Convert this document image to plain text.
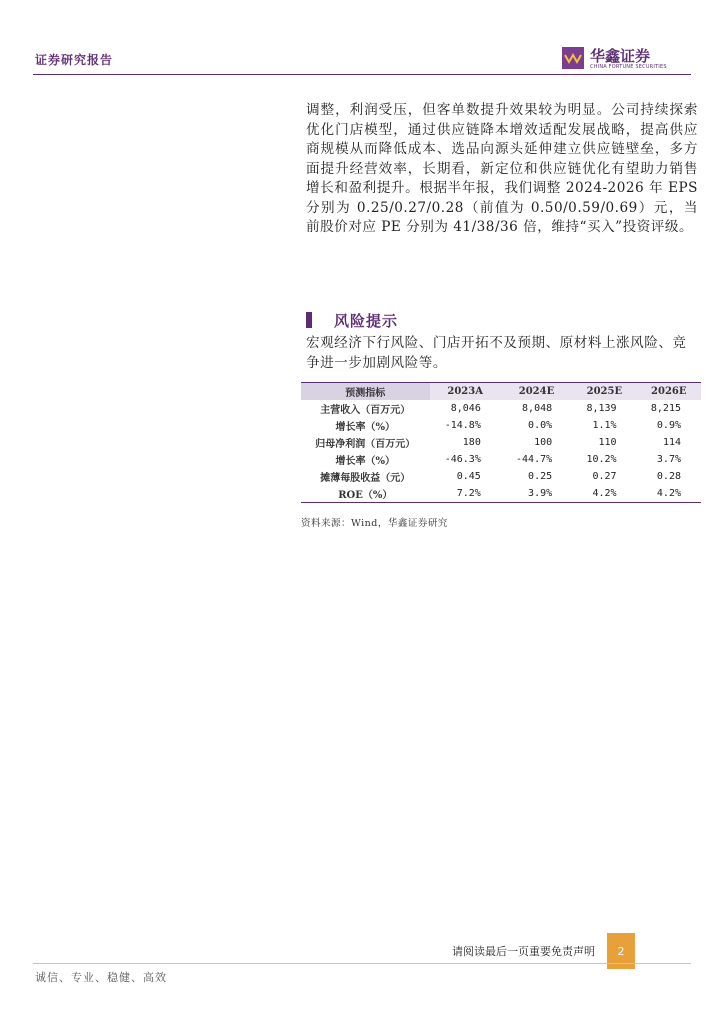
证券研究报告	华鑫证券
CHINA FORTUNE SECURITIES

调整，利润受压，但客单数提升效果较为明显。公司持续探索优化门店模型，通过供应链降本增效适配发展战略，提高供应商规模从而降低成本、选品向源头延伸建立供应链壁垒，多方面提升经营效率，长期看，新定位和供应链优化有望助力销售增长和盈利提升。根据半年报，我们调整 2024-2026 年 EPS 分别为 0.25/0.27/0.28（前值为 0.50/0.59/0.69）元，当前股价对应 PE 分别为 41/38/36 倍，维持“买入”投资评级。

风险提示
宏观经济下行风险、门店开拓不及预期、原材料上涨风险、竞争进一步加剧风险等。
预测指标	2023A	2024E	2025E	2026E
主营收入（百万元）	8,046	8,048	8,139	8,215
增长率（%）	-14.8%	0.0%	1.1%	0.9%
归母净利润（百万元）	180	100	110	114
增长率（%）	-46.3%	-44.7%	10.2%	3.7%
摊薄每股收益（元）	0.45	0.25	0.27	0.28
ROE（%）	7.2%	3.9%	4.2%	4.2%
资料来源：Wind，华鑫证券研究
请阅读最后一页重要免责声明	2
诚信、专业、稳健、高效
